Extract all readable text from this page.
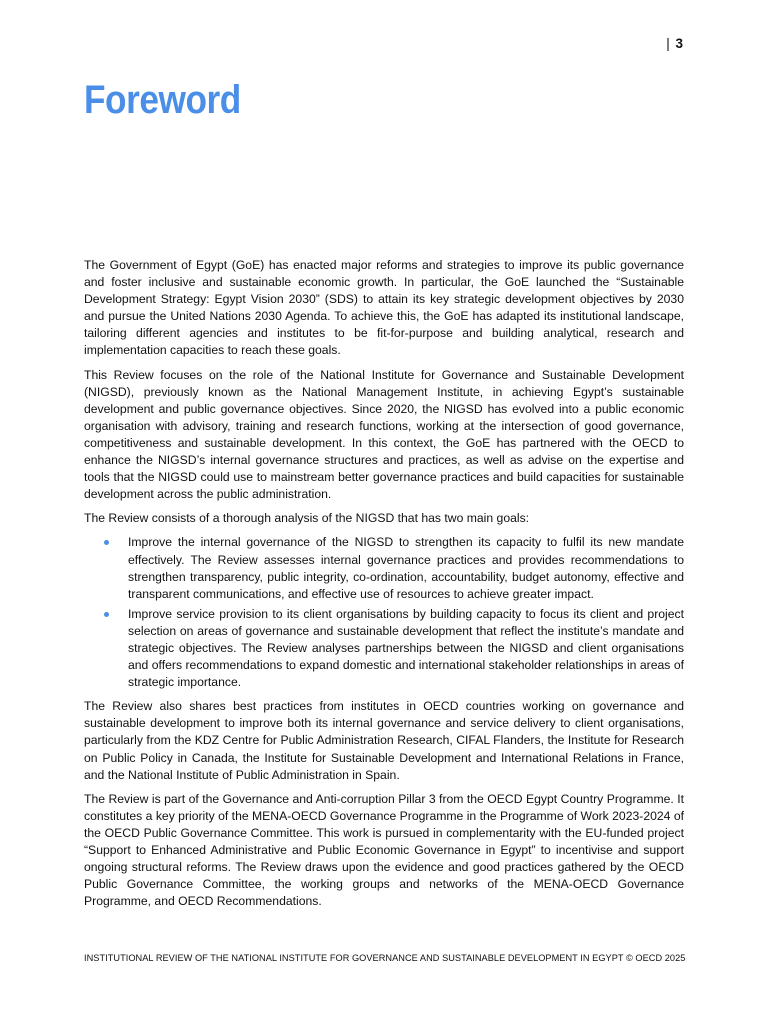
| 3
Foreword

The Government of Egypt (GoE) has enacted major reforms and strategies to improve its public governance and foster inclusive and sustainable economic growth. In particular, the GoE launched the “Sustainable Development Strategy: Egypt Vision 2030” (SDS) to attain its key strategic development objectives by 2030 and pursue the United Nations 2030 Agenda. To achieve this, the GoE has adapted its institutional landscape, tailoring different agencies and institutes to be fit-for-purpose and building analytical, research and implementation capacities to reach these goals.

This Review focuses on the role of the National Institute for Governance and Sustainable Development (NIGSD), previously known as the National Management Institute, in achieving Egypt’s sustainable development and public governance objectives. Since 2020, the NIGSD has evolved into a public economic organisation with advisory, training and research functions, working at the intersection of good governance, competitiveness and sustainable development. In this context, the GoE has partnered with the OECD to enhance the NIGSD’s internal governance structures and practices, as well as advise on the expertise and tools that the NIGSD could use to mainstream better governance practices and build capacities for sustainable development across the public administration.

The Review consists of a thorough analysis of the NIGSD that has two main goals:

Improve the internal governance of the NIGSD to strengthen its capacity to fulfil its new mandate effectively. The Review assesses internal governance practices and provides recommendations to strengthen transparency, public integrity, co-ordination, accountability, budget autonomy, effective and transparent communications, and effective use of resources to achieve greater impact.
Improve service provision to its client organisations by building capacity to focus its client and project selection on areas of governance and sustainable development that reflect the institute’s mandate and strategic objectives. The Review analyses partnerships between the NIGSD and client organisations and offers recommendations to expand domestic and international stakeholder relationships in areas of strategic importance.

The Review also shares best practices from institutes in OECD countries working on governance and sustainable development to improve both its internal governance and service delivery to client organisations, particularly from the KDZ Centre for Public Administration Research, CIFAL Flanders, the Institute for Research on Public Policy in Canada, the Institute for Sustainable Development and International Relations in France, and the National Institute of Public Administration in Spain.

The Review is part of the Governance and Anti-corruption Pillar 3 from the OECD Egypt Country Programme. It constitutes a key priority of the MENA-OECD Governance Programme in the Programme of Work 2023-2024 of the OECD Public Governance Committee. This work is pursued in complementarity with the EU-funded project “Support to Enhanced Administrative and Public Economic Governance in Egypt” to incentivise and support ongoing structural reforms. The Review draws upon the evidence and good practices gathered by the OECD Public Governance Committee, the working groups and networks of the MENA-OECD Governance Programme, and OECD Recommendations.

INSTITUTIONAL REVIEW OF THE NATIONAL INSTITUTE FOR GOVERNANCE AND SUSTAINABLE DEVELOPMENT IN EGYPT © OECD 2025
